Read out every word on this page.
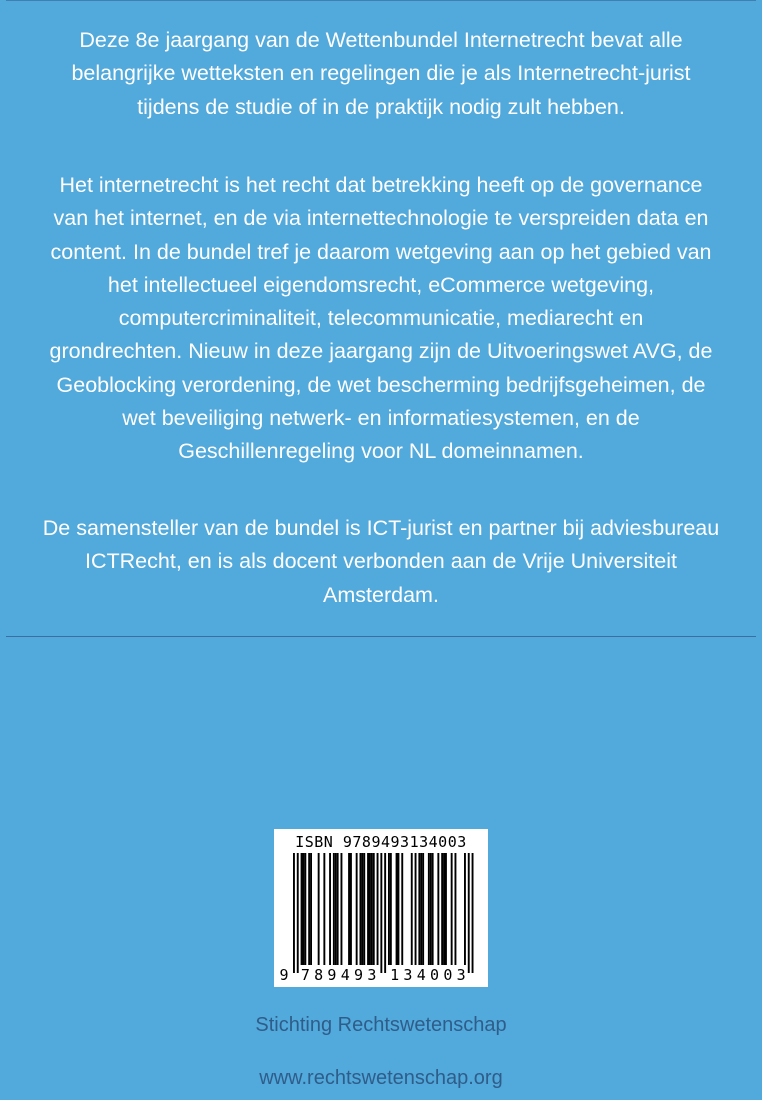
Deze 8e jaargang van de Wettenbundel Internetrecht bevat alle
belangrijke wetteksten en regelingen die je als Internetrecht-jurist
tijdens de studie of in de praktijk nodig zult hebben.
Het internetrecht is het recht dat betrekking heeft op de governance
van het internet, en de via internettechnologie te verspreiden data en
content. In de bundel tref je daarom wetgeving aan op het gebied van
het intellectueel eigendomsrecht, eCommerce wetgeving,
computercriminaliteit, telecommunicatie, mediarecht en
grondrechten. Nieuw in deze jaargang zijn de Uitvoeringswet AVG, de
Geoblocking verordening, de wet bescherming bedrijfsgeheimen, de
wet beveiliging netwerk- en informatiesystemen, en de
Geschillenregeling voor NL domeinnamen.
De samensteller van de bundel is ICT-jurist en partner bij adviesbureau
ICTRecht, en is als docent verbonden aan de Vrije Universiteit
Amsterdam.
ISBN 9789493134003
9 7 8 9 4 9 3 1 3 4 0 0 3
Stichting Rechtswetenschap
www.rechtswetenschap.org
